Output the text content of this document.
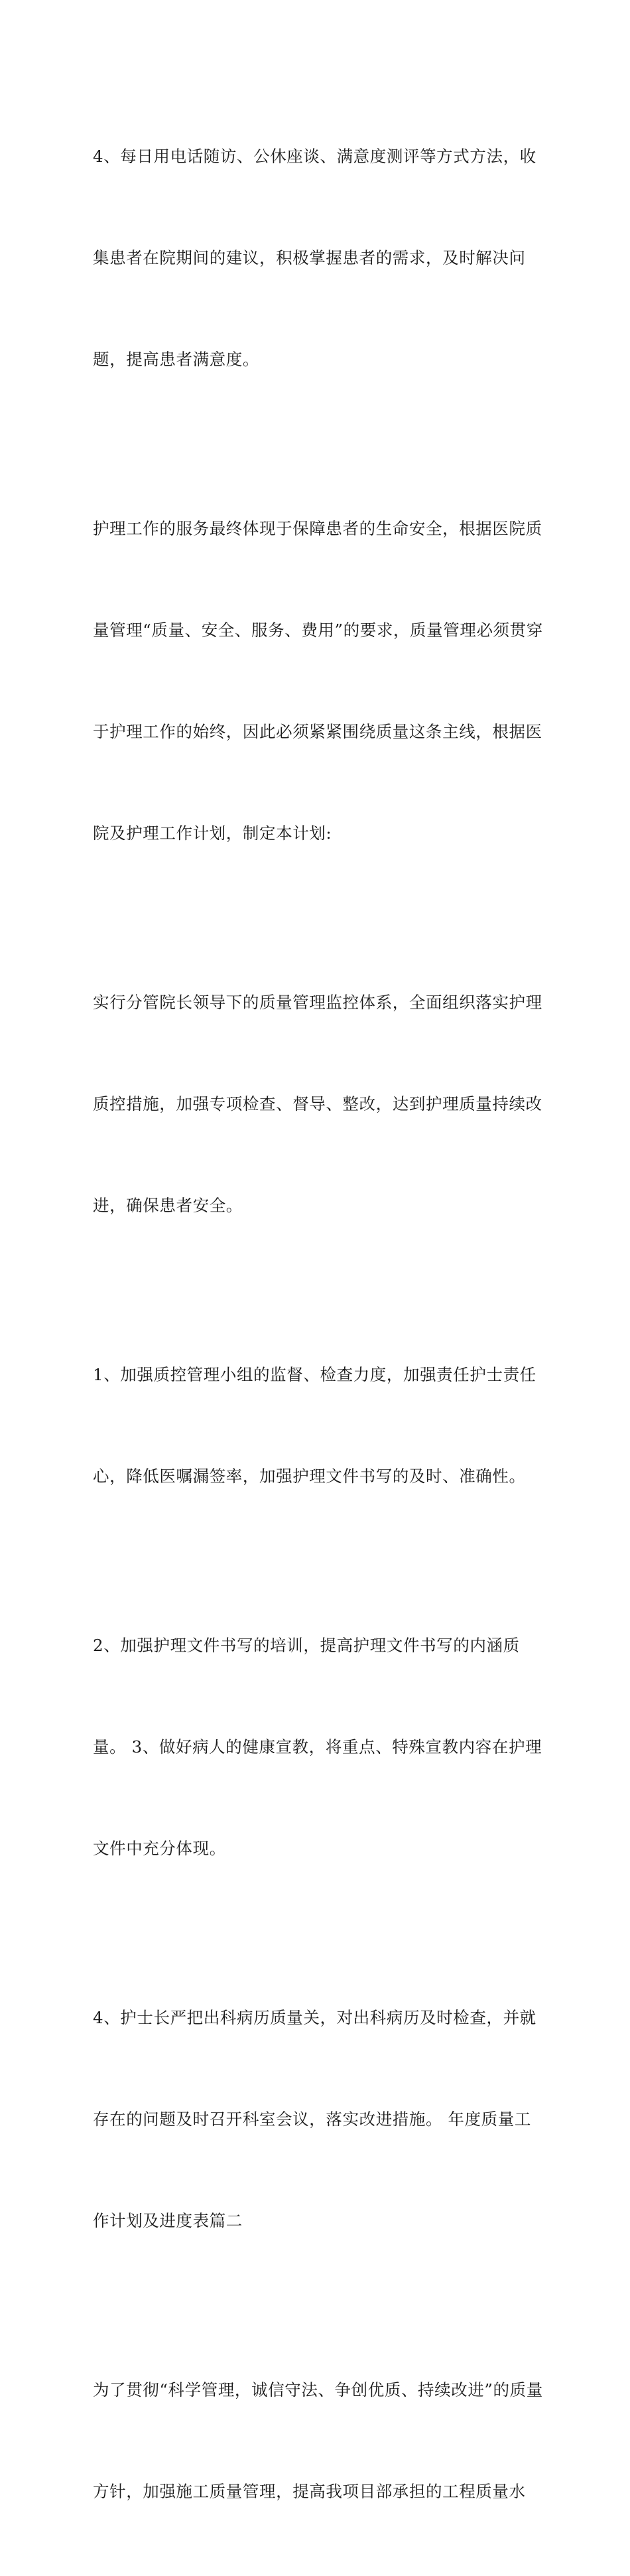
4、每日用电话随访、公休座谈、满意度测评等方式方法，收

集患者在院期间的建议，积极掌握患者的需求，及时解决问

题，提高患者满意度。

护理工作的服务最终体现于保障患者的生命安全，根据医院质

量管理“质量、安全、服务、费用”的要求，质量管理必须贯穿

于护理工作的始终，因此必须紧紧围绕质量这条主线，根据医

院及护理工作计划，制定本计划:

实行分管院长领导下的质量管理监控体系，全面组织落实护理

质控措施，加强专项检查、督导、整改，达到护理质量持续改

进，确保患者安全。

1、加强质控管理小组的监督、检查力度，加强责任护士责任

心，降低医嘱漏签率，加强护理文件书写的及时、准确性。

2、加强护理文件书写的培训，提高护理文件书写的内涵质

量。 3、做好病人的健康宣教，将重点、特殊宣教内容在护理

文件中充分体现。

4、护士长严把出科病历质量关，对出科病历及时检查，并就

存在的问题及时召开科室会议，落实改进措施。 年度质量工

作计划及进度表篇二

为了贯彻“科学管理，诚信守法、争创优质、持续改进”的质量

方针，加强施工质量管理，提高我项目部承担的工程质量水
